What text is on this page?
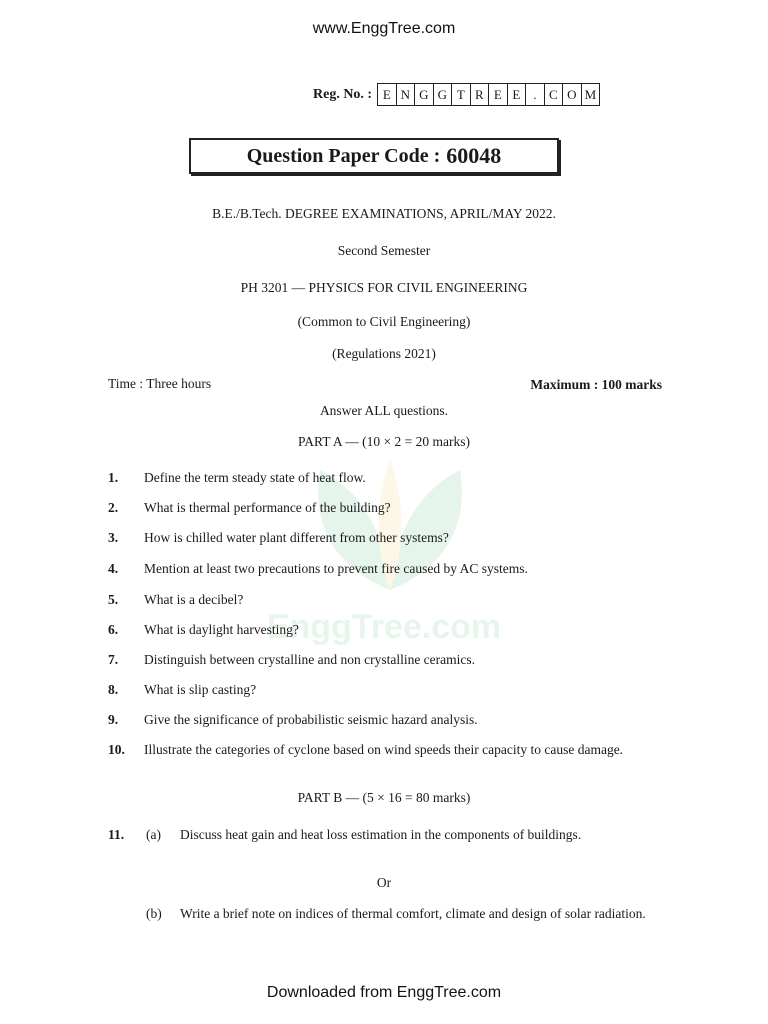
www.EnggTree.com
Reg. No. : E N G G T R E E . C O M
Question Paper Code : 60048
B.E./B.Tech. DEGREE EXAMINATIONS, APRIL/MAY 2022.
Second Semester
PH 3201 — PHYSICS FOR CIVIL ENGINEERING
(Common to Civil Engineering)
(Regulations 2021)
Time : Three hours	Maximum : 100 marks
Answer ALL questions.
PART A — (10 × 2 = 20 marks)
EnggTree.com
1. Define the term steady state of heat flow.
2. What is thermal performance of the building?
3. How is chilled water plant different from other systems?
4. Mention at least two precautions to prevent fire caused by AC systems.
5. What is a decibel?
6. What is daylight harvesting?
7. Distinguish between crystalline and non crystalline ceramics.
8. What is slip casting?
9. Give the significance of probabilistic seismic hazard analysis.
10. Illustrate the categories of cyclone based on wind speeds their capacity to cause damage.
PART B — (5 × 16 = 80 marks)
11. (a) Discuss heat gain and heat loss estimation in the components of buildings.
Or
(b) Write a brief note on indices of thermal comfort, climate and design of solar radiation.
Downloaded from EnggTree.com
